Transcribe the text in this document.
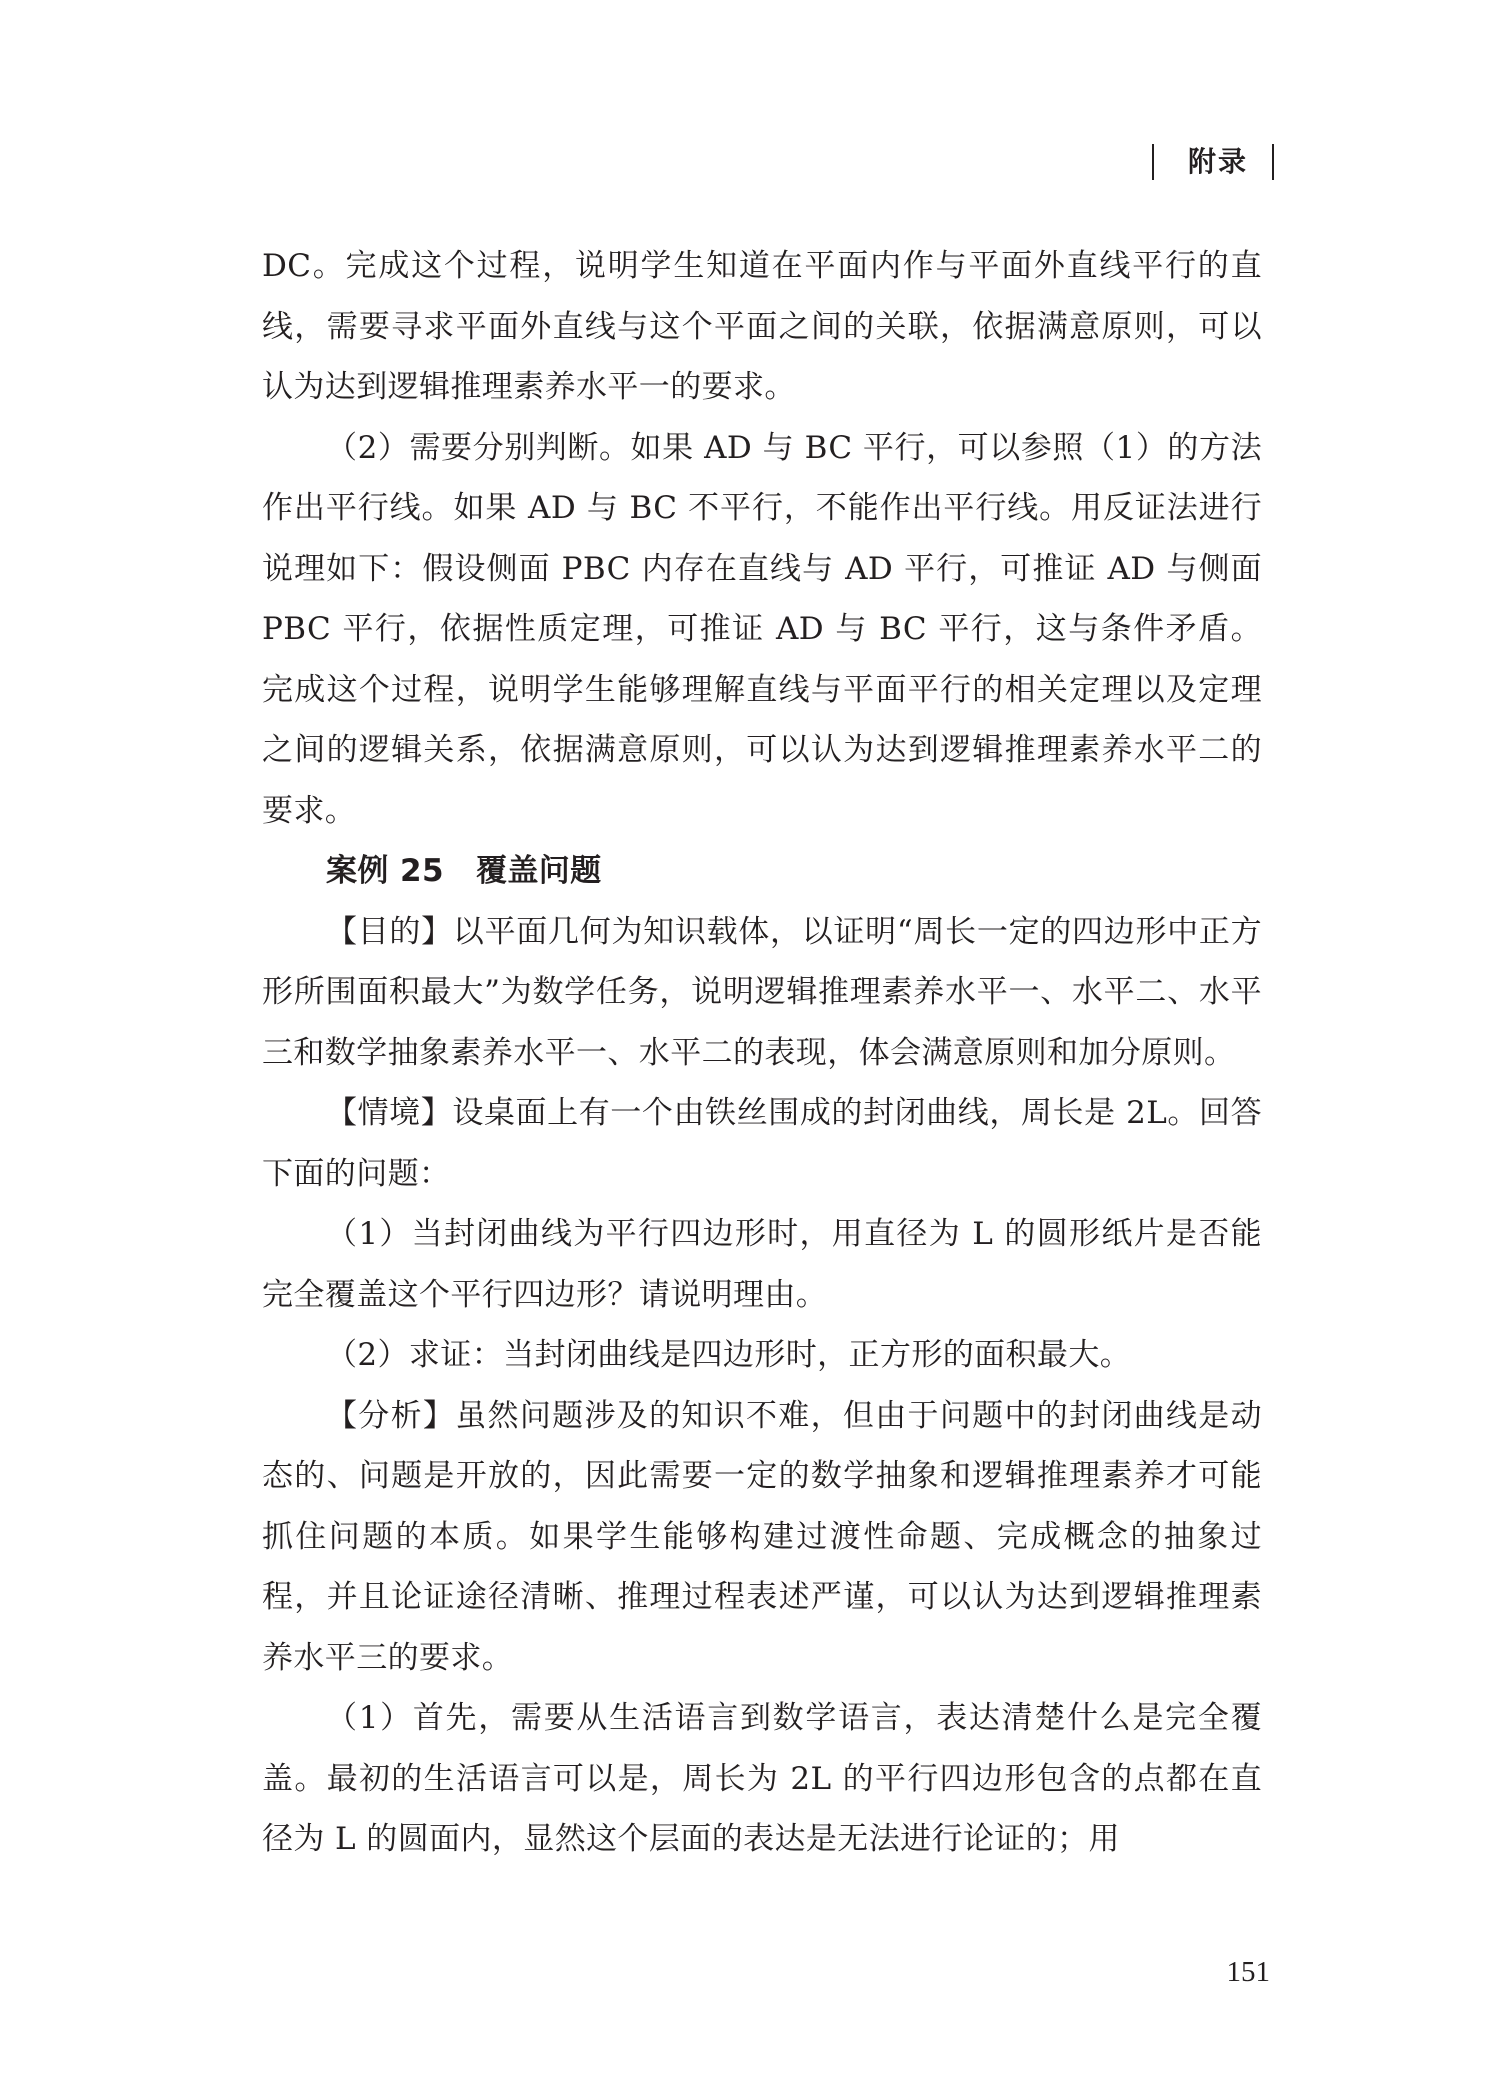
附录

DC。完成这个过程，说明学生知道在平面内作与平面外直线平行的直线，需要寻求平面外直线与这个平面之间的关联，依据满意原则，可以认为达到逻辑推理素养水平一的要求。

（2）需要分别判断。如果 AD 与 BC 平行，可以参照（1）的方法作出平行线。如果 AD 与 BC 不平行，不能作出平行线。用反证法进行说理如下：假设侧面 PBC 内存在直线与 AD 平行，可推证 AD 与侧面 PBC 平行，依据性质定理，可推证 AD 与 BC 平行，这与条件矛盾。完成这个过程，说明学生能够理解直线与平面平行的相关定理以及定理之间的逻辑关系，依据满意原则，可以认为达到逻辑推理素养水平二的要求。

案例 25 覆盖问题

【目的】以平面几何为知识载体，以证明“周长一定的四边形中正方形所围面积最大”为数学任务，说明逻辑推理素养水平一、水平二、水平三和数学抽象素养水平一、水平二的表现，体会满意原则和加分原则。

【情境】设桌面上有一个由铁丝围成的封闭曲线，周长是 2L。回答下面的问题：

（1）当封闭曲线为平行四边形时，用直径为 L 的圆形纸片是否能完全覆盖这个平行四边形？请说明理由。

（2）求证：当封闭曲线是四边形时，正方形的面积最大。

【分析】虽然问题涉及的知识不难，但由于问题中的封闭曲线是动态的、问题是开放的，因此需要一定的数学抽象和逻辑推理素养才可能抓住问题的本质。如果学生能够构建过渡性命题、完成概念的抽象过程，并且论证途径清晰、推理过程表述严谨，可以认为达到逻辑推理素养水平三的要求。

（1）首先，需要从生活语言到数学语言，表达清楚什么是完全覆盖。最初的生活语言可以是，周长为 2L 的平行四边形包含的点都在直径为 L 的圆面内，显然这个层面的表达是无法进行论证的；用

151
